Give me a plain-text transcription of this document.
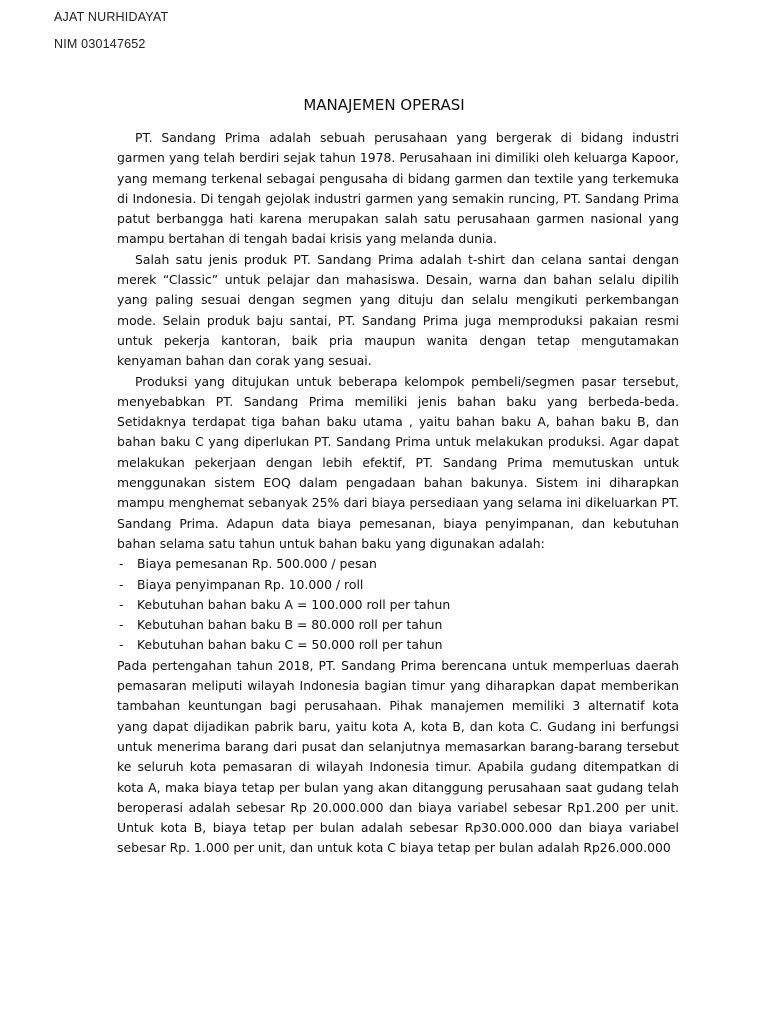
AJAT NURHIDAYAT
NIM 030147652
MANAJEMEN OPERASI

PT. Sandang Prima adalah sebuah perusahaan yang bergerak di bidang industri garmen yang telah berdiri sejak tahun 1978. Perusahaan ini dimiliki oleh keluarga Kapoor, yang memang terkenal sebagai pengusaha di bidang garmen dan textile yang terkemuka di Indonesia. Di tengah gejolak industri garmen yang semakin runcing, PT. Sandang Prima patut berbangga hati karena merupakan salah satu perusahaan garmen nasional yang mampu bertahan di tengah badai krisis yang melanda dunia.

Salah satu jenis produk PT. Sandang Prima adalah t-shirt dan celana santai dengan merek “Classic” untuk pelajar dan mahasiswa. Desain, warna dan bahan selalu dipilih yang paling sesuai dengan segmen yang dituju dan selalu mengikuti perkembangan mode. Selain produk baju santai, PT. Sandang Prima juga memproduksi pakaian resmi untuk pekerja kantoran, baik pria maupun wanita dengan tetap mengutamakan kenyaman bahan dan corak yang sesuai.

Produksi yang ditujukan untuk beberapa kelompok pembeli/segmen pasar tersebut, menyebabkan PT. Sandang Prima memiliki jenis bahan baku yang berbeda-beda. Setidaknya terdapat tiga bahan baku utama , yaitu bahan baku A, bahan baku B, dan bahan baku C yang diperlukan PT. Sandang Prima untuk melakukan produksi. Agar dapat melakukan pekerjaan dengan lebih efektif, PT. Sandang Prima memutuskan untuk menggunakan sistem EOQ dalam pengadaan bahan bakunya. Sistem ini diharapkan mampu menghemat sebanyak 25% dari biaya persediaan yang selama ini dikeluarkan PT. Sandang Prima. Adapun data biaya pemesanan, biaya penyimpanan, dan kebutuhan bahan selama satu tahun untuk bahan baku yang digunakan adalah:

- Biaya pemesanan Rp. 500.000 / pesan
- Biaya penyimpanan Rp. 10.000 / roll
- Kebutuhan bahan baku A = 100.000 roll per tahun
- Kebutuhan bahan baku B = 80.000 roll per tahun
- Kebutuhan bahan baku C = 50.000 roll per tahun

Pada pertengahan tahun 2018, PT. Sandang Prima berencana untuk memperluas daerah pemasaran meliputi wilayah Indonesia bagian timur yang diharapkan dapat memberikan tambahan keuntungan bagi perusahaan. Pihak manajemen memiliki 3 alternatif kota yang dapat dijadikan pabrik baru, yaitu kota A, kota B, dan kota C. Gudang ini berfungsi untuk menerima barang dari pusat dan selanjutnya memasarkan barang-barang tersebut ke seluruh kota pemasaran di wilayah Indonesia timur. Apabila gudang ditempatkan di kota A, maka biaya tetap per bulan yang akan ditanggung perusahaan saat gudang telah beroperasi adalah sebesar Rp 20.000.000 dan biaya variabel sebesar Rp1.200 per unit. Untuk kota B, biaya tetap per bulan adalah sebesar Rp30.000.000 dan biaya variabel sebesar Rp. 1.000 per unit, dan untuk kota C biaya tetap per bulan adalah Rp26.000.000
